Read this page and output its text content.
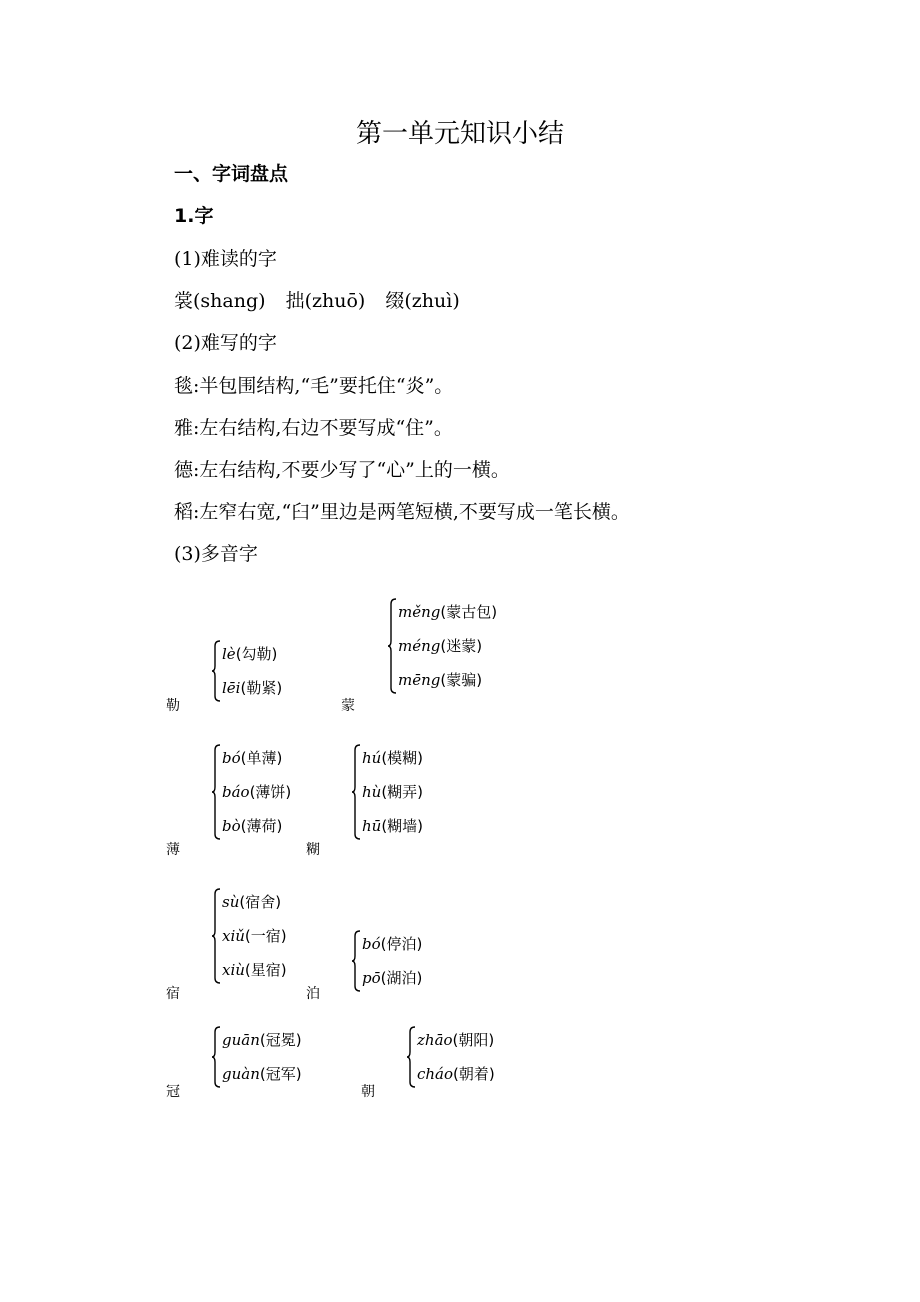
第一单元知识小结
一、字词盘点
1.字
(1)难读的字
裳(shang) 拙(zhuō) 缀(zhuì)
(2)难写的字
毯:半包围结构,“毛”要托住“炎”。
雅:左右结构,右边不要写成“住”。
德:左右结构,不要少写了“心”上的一横。
稻:左窄右宽,“臼”里边是两笔短横,不要写成一笔长横。
(3)多音字
勒
lè(勾勒)
lēi(勒紧)
蒙
měng(蒙古包)
méng(迷蒙)
mēng(蒙骗)
薄
bó(单薄)
báo(薄饼)
bò(薄荷)
糊
hú(模糊)
hù(糊弄)
hū(糊墙)
宿
sù(宿舍)
xiǔ(一宿)
xiù(星宿)
泊
bó(停泊)
pō(湖泊)
冠
guān(冠冕)
guàn(冠军)
朝
zhāo(朝阳)
cháo(朝着)
